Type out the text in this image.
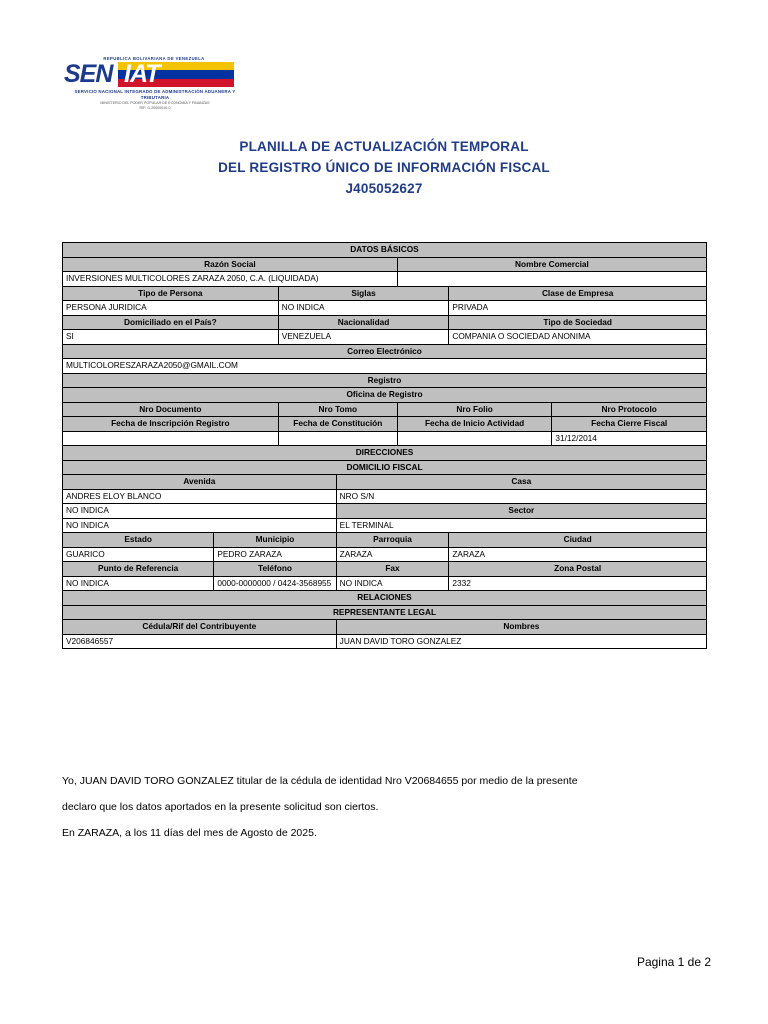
REPUBLICA BOLIVARIANA DE VENEZUELA
SEN IAT
SERVICIO NACIONAL INTEGRADO DE ADMINISTRACIÓN ADUANERA Y TRIBUTARIA
MINISTERIO DEL PODER POPULAR DE ECONOMÍA Y FINANZAS
RIF: G-20000010-0
PLANILLA DE ACTUALIZACIÓN TEMPORAL
DEL REGISTRO ÚNICO DE INFORMACIÓN FISCAL
J405052627
DATOS BÁSICOS						
Razón Social				Nombre Comercial		
INVERSIONES MULTICOLORES ZARAZA 2050, C.A. (LIQUIDADA)						
Tipo de Persona		Siglas			Clase de Empresa	
PERSONA JURIDICA		NO INDICA			PRIVADA	
Domiciliado en el País?		Nacionalidad			Tipo de Sociedad	
SI		VENEZUELA			COMPANIA O SOCIEDAD ANONIMA	
Correo Electrónico						
MULTICOLORESZARAZA2050@GMAIL.COM						
Registro						
Oficina de Registro						
Nro Documento		Nro Tomo		Nro Folio		Nro Protocolo
Fecha de Inscripción Registro		Fecha de Constitución		Fecha de Inicio Actividad		Fecha Cierre Fiscal
						31/12/2014
DIRECCIONES						
DOMICILIO FISCAL						
Avenida			Casa			
ANDRES ELOY BLANCO			NRO S/N			
NO INDICA			Sector			
NO INDICA			EL TERMINAL			
Estado	Municipio		Parroquia		Ciudad	
GUARICO	PEDRO ZARAZA		ZARAZA		ZARAZA	
Punto de Referencia	Teléfono		Fax		Zona Postal	
NO INDICA	0000-0000000 / 0424-3568955		NO INDICA		2332	
RELACIONES						
REPRESENTANTE LEGAL						
Cédula/Rif del Contribuyente			Nombres			
V206846557			JUAN DAVID TORO GONZALEZ			

Yo, JUAN DAVID TORO GONZALEZ titular de la cédula de identidad Nro V20684655 por medio de la presente

declaro que los datos aportados en la presente solicitud son ciertos.

En ZARAZA, a los 11 días del mes de Agosto de 2025.

Pagina 1 de 2
